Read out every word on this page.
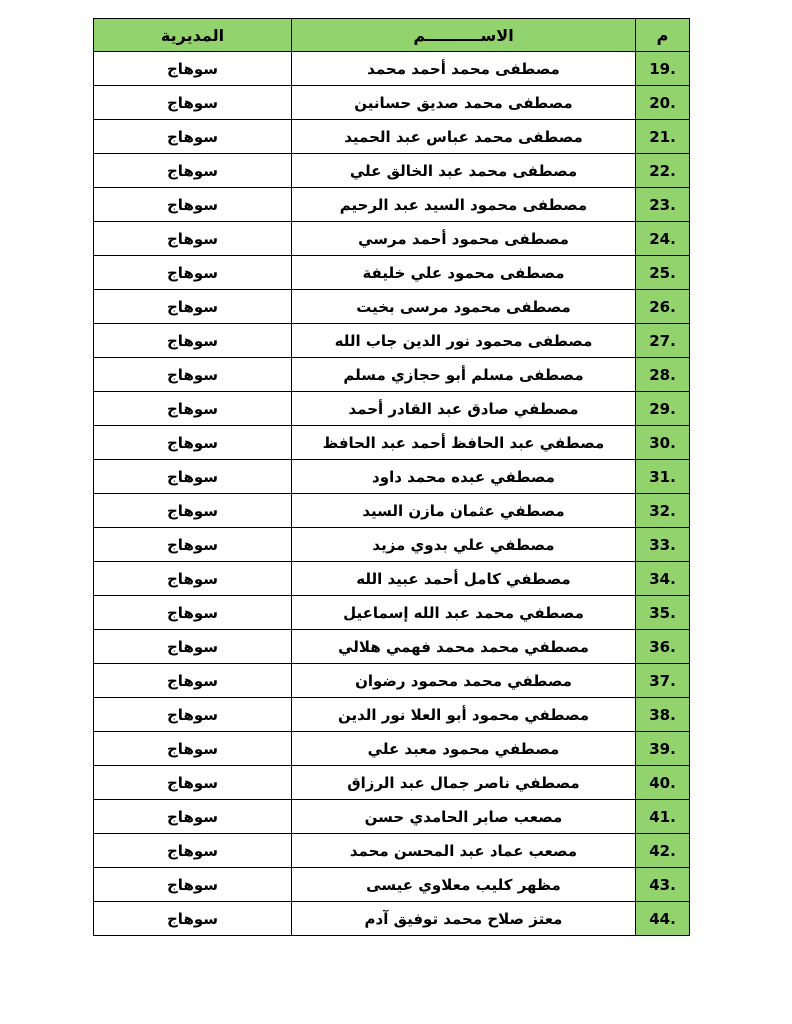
م	الاســــــــــم	المديرية
19.	مصطفى محمد أحمد محمد	سوهاج
20.	مصطفى محمد صديق حسانين	سوهاج
21.	مصطفى محمد عباس عبد الحميد	سوهاج
22.	مصطفى محمد عبد الخالق علي	سوهاج
23.	مصطفى محمود السيد عبد الرحيم	سوهاج
24.	مصطفى محمود أحمد مرسي	سوهاج
25.	مصطفى محمود علي خليفة	سوهاج
26.	مصطفى محمود مرسى بخيت	سوهاج
27.	مصطفى محمود نور الدين جاب الله	سوهاج
28.	مصطفى مسلم أبو حجازي مسلم	سوهاج
29.	مصطفي صادق عبد القادر أحمد	سوهاج
30.	مصطفي عبد الحافظ أحمد عبد الحافظ	سوهاج
31.	مصطفي عبده محمد داود	سوهاج
32.	مصطفي عثمان مازن السيد	سوهاج
33.	مصطفي علي بدوي مزيد	سوهاج
34.	مصطفي كامل أحمد عبيد الله	سوهاج
35.	مصطفي محمد عبد الله إسماعيل	سوهاج
36.	مصطفي محمد محمد فهمي هلالي	سوهاج
37.	مصطفي محمد محمود رضوان	سوهاج
38.	مصطفي محمود أبو العلا نور الدين	سوهاج
39.	مصطفي محمود معبد علي	سوهاج
40.	مصطفي ناصر جمال عبد الرزاق	سوهاج
41.	مصعب صابر الحامدي حسن	سوهاج
42.	مصعب عماد عبد المحسن محمد	سوهاج
43.	مظهر كليب معلاوي عيسى	سوهاج
44.	معتز صلاح محمد توفيق آدم	سوهاج
